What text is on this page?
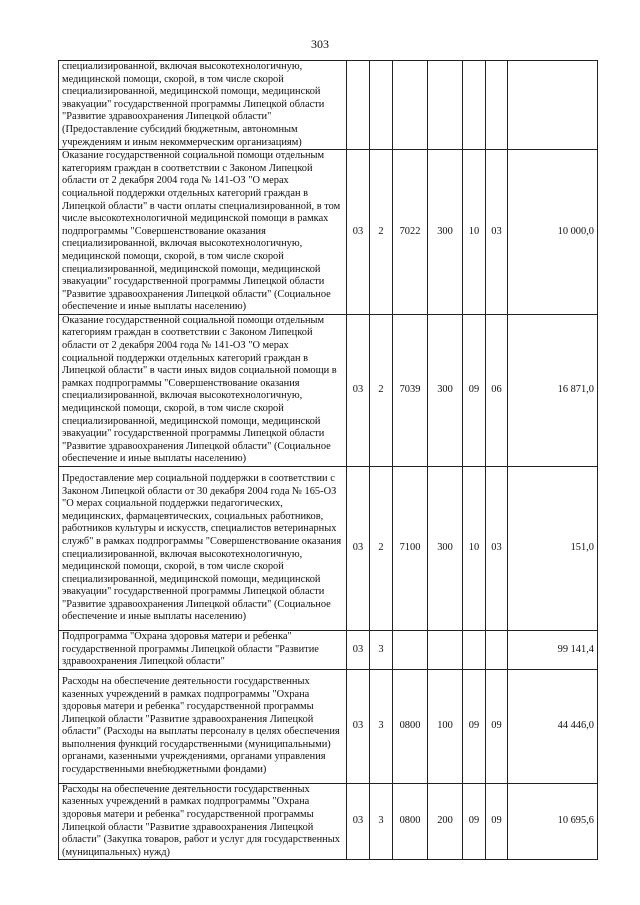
303
специализированной, включая высокотехнологичную, медицинской помощи, скорой, в том числе скорой специализированной, медицинской помощи, медицинской эвакуации" государственной программы Липецкой области "Развитие здравоохранения Липецкой области" (Предоставление субсидий бюджетным, автономным учреждениям и иным некоммерческим организациям)							
Оказание государственной социальной помощи отдельным категориям граждан в соответствии с Законом Липецкой области от 2 декабря 2004 года № 141-ОЗ "О мерах социальной поддержки отдельных категорий граждан в Липецкой области" в части оплаты специализированной, в том числе высокотехнологичной медицинской помощи в рамках подпрограммы "Совершенствование оказания специализированной, включая высокотехнологичную, медицинской помощи, скорой, в том числе скорой специализированной, медицинской помощи, медицинской эвакуации" государственной программы Липецкой области "Развитие здравоохранения Липецкой области" (Социальное обеспечение и иные выплаты населению)	03	2	7022	300	10	03	10 000,0
Оказание государственной социальной помощи отдельным категориям граждан в соответствии с Законом Липецкой области от 2 декабря 2004 года № 141-ОЗ "О мерах социальной поддержки отдельных категорий граждан в Липецкой области" в части иных видов социальной помощи в рамках подпрограммы "Совершенствование оказания специализированной, включая высокотехнологичную, медицинской помощи, скорой, в том числе скорой специализированной, медицинской помощи, медицинской эвакуации" государственной программы Липецкой области "Развитие здравоохранения Липецкой области" (Социальное обеспечение и иные выплаты населению)	03	2	7039	300	09	06	16 871,0
Предоставление мер социальной поддержки в соответствии с Законом Липецкой области от 30 декабря 2004 года № 165-ОЗ "О мерах социальной поддержки педагогических, медицинских, фармацевтических, социальных работников, работников культуры и искусств, специалистов ветеринарных служб" в рамках подпрограммы "Совершенствование оказания специализированной, включая высокотехнологичную, медицинской помощи, скорой, в том числе скорой специализированной, медицинской помощи, медицинской эвакуации" государственной программы Липецкой области "Развитие здравоохранения Липецкой области" (Социальное обеспечение и иные выплаты населению)	03	2	7100	300	10	03	151,0
Подпрограмма "Охрана здоровья матери и ребенка" государственной программы Липецкой области "Развитие здравоохранения Липецкой области"	03	3					99 141,4
Расходы на обеспечение деятельности государственных казенных учреждений в рамках подпрограммы "Охрана здоровья матери и ребенка" государственной программы Липецкой области "Развитие здравоохранения Липецкой области" (Расходы на выплаты персоналу в целях обеспечения выполнения функций государственными (муниципальными) органами, казенными учреждениями, органами управления государственными внебюджетными фондами)	03	3	0800	100	09	09	44 446,0
Расходы на обеспечение деятельности государственных казенных учреждений в рамках подпрограммы "Охрана здоровья матери и ребенка" государственной программы Липецкой области "Развитие здравоохранения Липецкой области" (Закупка товаров, работ и услуг для государственных (муниципальных) нужд)	03	3	0800	200	09	09	10 695,6
